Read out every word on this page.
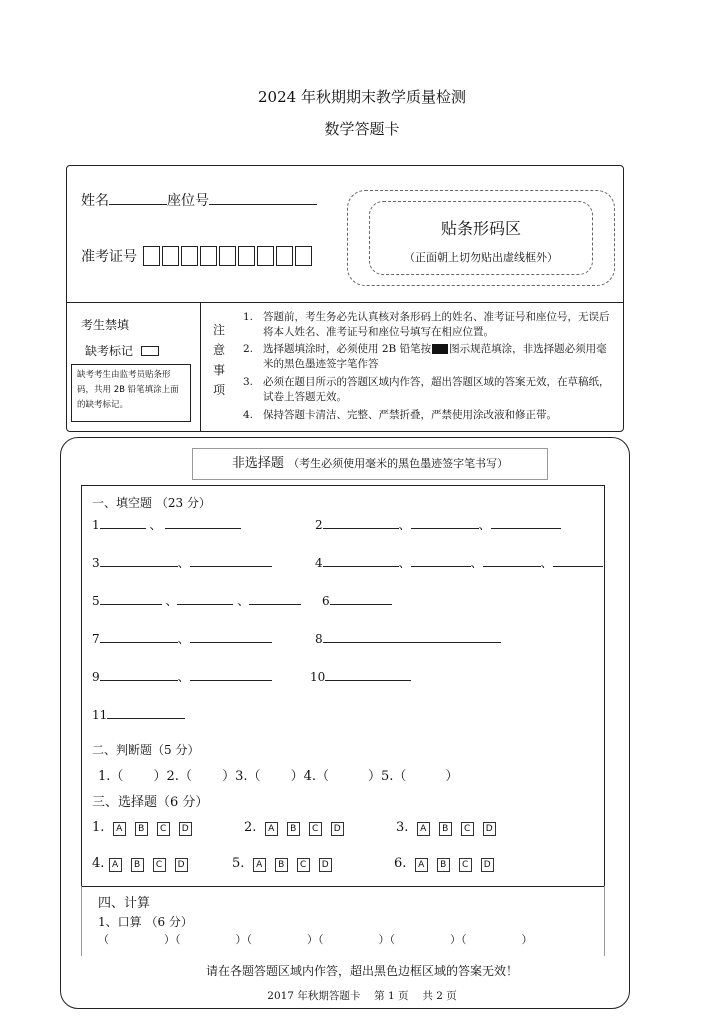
2024 年秋期期末教学质量检测
数学答题卡
姓名	座位号
准考证号
贴条形码区
（正面朝上切勿贴出虚线框外）
考生禁填
缺考标记
缺考考生由监考员贴条形码，共用 2B 铅笔填涂上面的缺考标记。
注
意
事
项
1. 答题前，考生务必先认真核对条形码上的姓名、准考证号和座位号，无误后将本人姓名、准考证号和座位号填写在相应位置。
2. 选择题填涂时，必须使用 2B 铅笔按 图示规范填涂，非选择题必须用毫米的黑色墨迹签字笔作答
3. 必须在题目所示的答题区域内作答，超出答题区域的答案无效，在草稿纸，试卷上答题无效。
4. 保持答题卡清洁、完整、严禁折叠，严禁使用涂改液和修正带。
非选择题 （考生必须使用毫米的黑色墨迹签字笔书写）
一、填空题 （23 分）
1	、	2	、	、
3	、	4	、	、	、
5	、	、	6
7	、	8
9	、	10
11
二、判断题（5 分）
1.（　　 ）2.（　　 ）3.（　　 ）4.（　　　）5.（　　　）
三、选择题（6 分）
1. A B C D	2. A B C D	3. A B C D
4. A B C D	5. A B C D	6. A B C D
四、计算
1、口算 （6 分）
（　　　　　）（　　　　　）（　　　　　）（　　　　　）（　　　　　）（　　　　　）
请在各题答题区域内作答，超出黑色边框区域的答案无效！
2017 年秋期答题卡　 第 1 页　 共 2 页
